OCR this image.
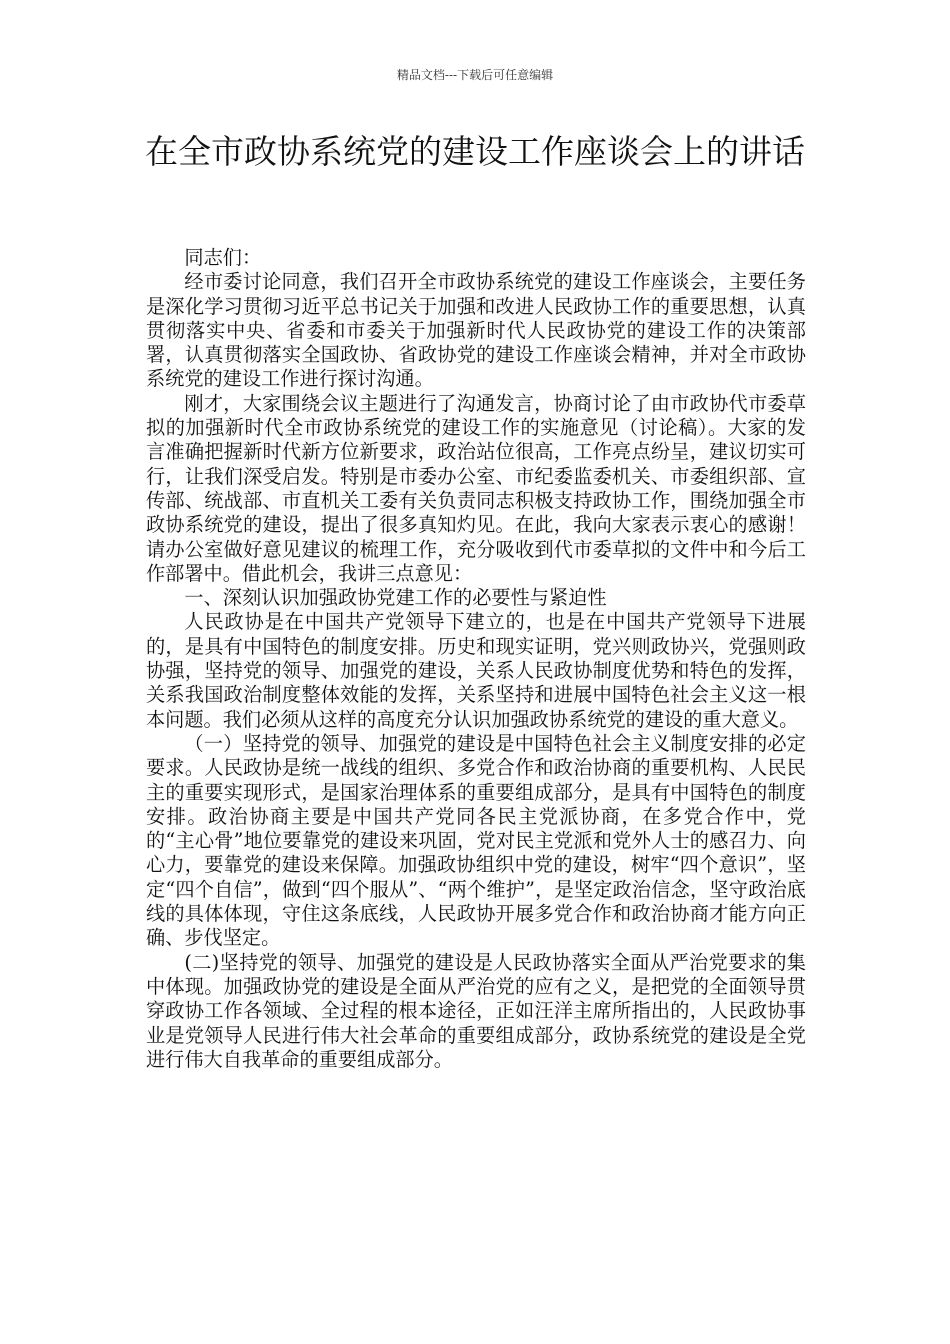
精品文档---下载后可任意编辑
在全市政协系统党的建设工作座谈会上的讲话

同志们：

经市委讨论同意，我们召开全市政协系统党的建设工作座谈会，主要任务是深化学习贯彻习近平总书记关于加强和改进人民政协工作的重要思想，认真贯彻落实中央、省委和市委关于加强新时代人民政协党的建设工作的决策部署，认真贯彻落实全国政协、省政协党的建设工作座谈会精神，并对全市政协系统党的建设工作进行探讨沟通。

刚才，大家围绕会议主题进行了沟通发言，协商讨论了由市政协代市委草拟的加强新时代全市政协系统党的建设工作的实施意见（讨论稿）。大家的发言准确把握新时代新方位新要求，政治站位很高，工作亮点纷呈，建议切实可行，让我们深受启发。特别是市委办公室、市纪委监委机关、市委组织部、宣传部、统战部、市直机关工委有关负责同志积极支持政协工作，围绕加强全市政协系统党的建设，提出了很多真知灼见。在此，我向大家表示衷心的感谢！请办公室做好意见建议的梳理工作，充分吸收到代市委草拟的文件中和今后工作部署中。借此机会，我讲三点意见：

一、深刻认识加强政协党建工作的必要性与紧迫性

人民政协是在中国共产党领导下建立的，也是在中国共产党领导下进展的，是具有中国特色的制度安排。历史和现实证明，党兴则政协兴，党强则政协强，坚持党的领导、加强党的建设，关系人民政协制度优势和特色的发挥，关系我国政治制度整体效能的发挥，关系坚持和进展中国特色社会主义这一根本问题。我们必须从这样的高度充分认识加强政协系统党的建设的重大意义。

（一）坚持党的领导、加强党的建设是中国特色社会主义制度安排的必定要求。人民政协是统一战线的组织、多党合作和政治协商的重要机构、人民民主的重要实现形式，是国家治理体系的重要组成部分，是具有中国特色的制度安排。政治协商主要是中国共产党同各民主党派协商，在多党合作中，党的“主心骨”地位要靠党的建设来巩固，党对民主党派和党外人士的感召力、向心力，要靠党的建设来保障。加强政协组织中党的建设，树牢“四个意识”，坚定“四个自信”，做到“四个服从”、“两个维护”，是坚定政治信念，坚守政治底线的具体体现，守住这条底线，人民政协开展多党合作和政治协商才能方向正确、步伐坚定。

(二)坚持党的领导、加强党的建设是人民政协落实全面从严治党要求的集中体现。加强政协党的建设是全面从严治党的应有之义，是把党的全面领导贯穿政协工作各领域、全过程的根本途径，正如汪洋主席所指出的，人民政协事业是党领导人民进行伟大社会革命的重要组成部分，政协系统党的建设是全党进行伟大自我革命的重要组成部分。
